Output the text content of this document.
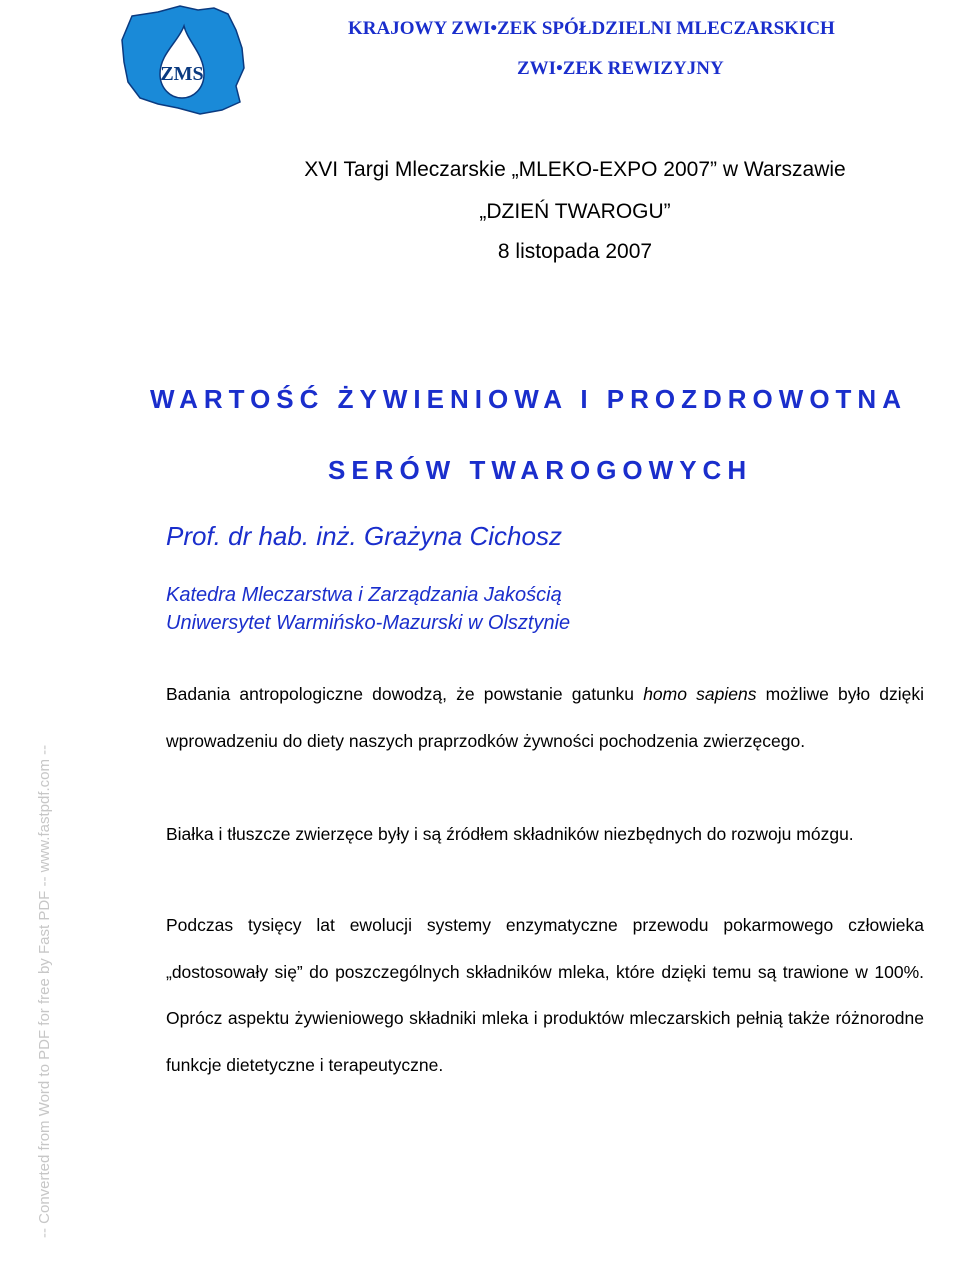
ZMS
KRAJOWY ZWI•ZEK SPÓŁDZIELNI MLECZARSKICH
ZWI•ZEK REWIZYJNY
XVI Targi Mleczarskie „MLEKO-EXPO 2007” w Warszawie
„DZIEŃ TWAROGU”
8 listopada 2007
WARTOŚĆ ŻYWIENIOWA I PROZDROWOTNA
SERÓW TWAROGOWYCH
Prof. dr hab. inż. Grażyna Cichosz
Katedra Mleczarstwa i Zarządzania Jakością
Uniwersytet Warmińsko-Mazurski w Olsztynie
Badania antropologiczne dowodzą, że powstanie gatunku homo sapiens możliwe było dzięki wprowadzeniu do diety naszych praprzodków żywności pochodzenia zwierzęcego.
Białka i tłuszcze zwierzęce były i są źródłem składników niezbędnych do rozwoju mózgu.
Podczas tysięcy lat ewolucji systemy enzymatyczne przewodu pokarmowego człowieka „dostosowały się” do poszczególnych składników mleka, które dzięki temu są trawione w 100%. Oprócz aspektu żywieniowego składniki mleka i produktów mleczarskich pełnią także różnorodne funkcje dietetyczne i terapeutyczne.
-- Converted from Word to PDF for free by Fast PDF -- www.fastpdf.com --
